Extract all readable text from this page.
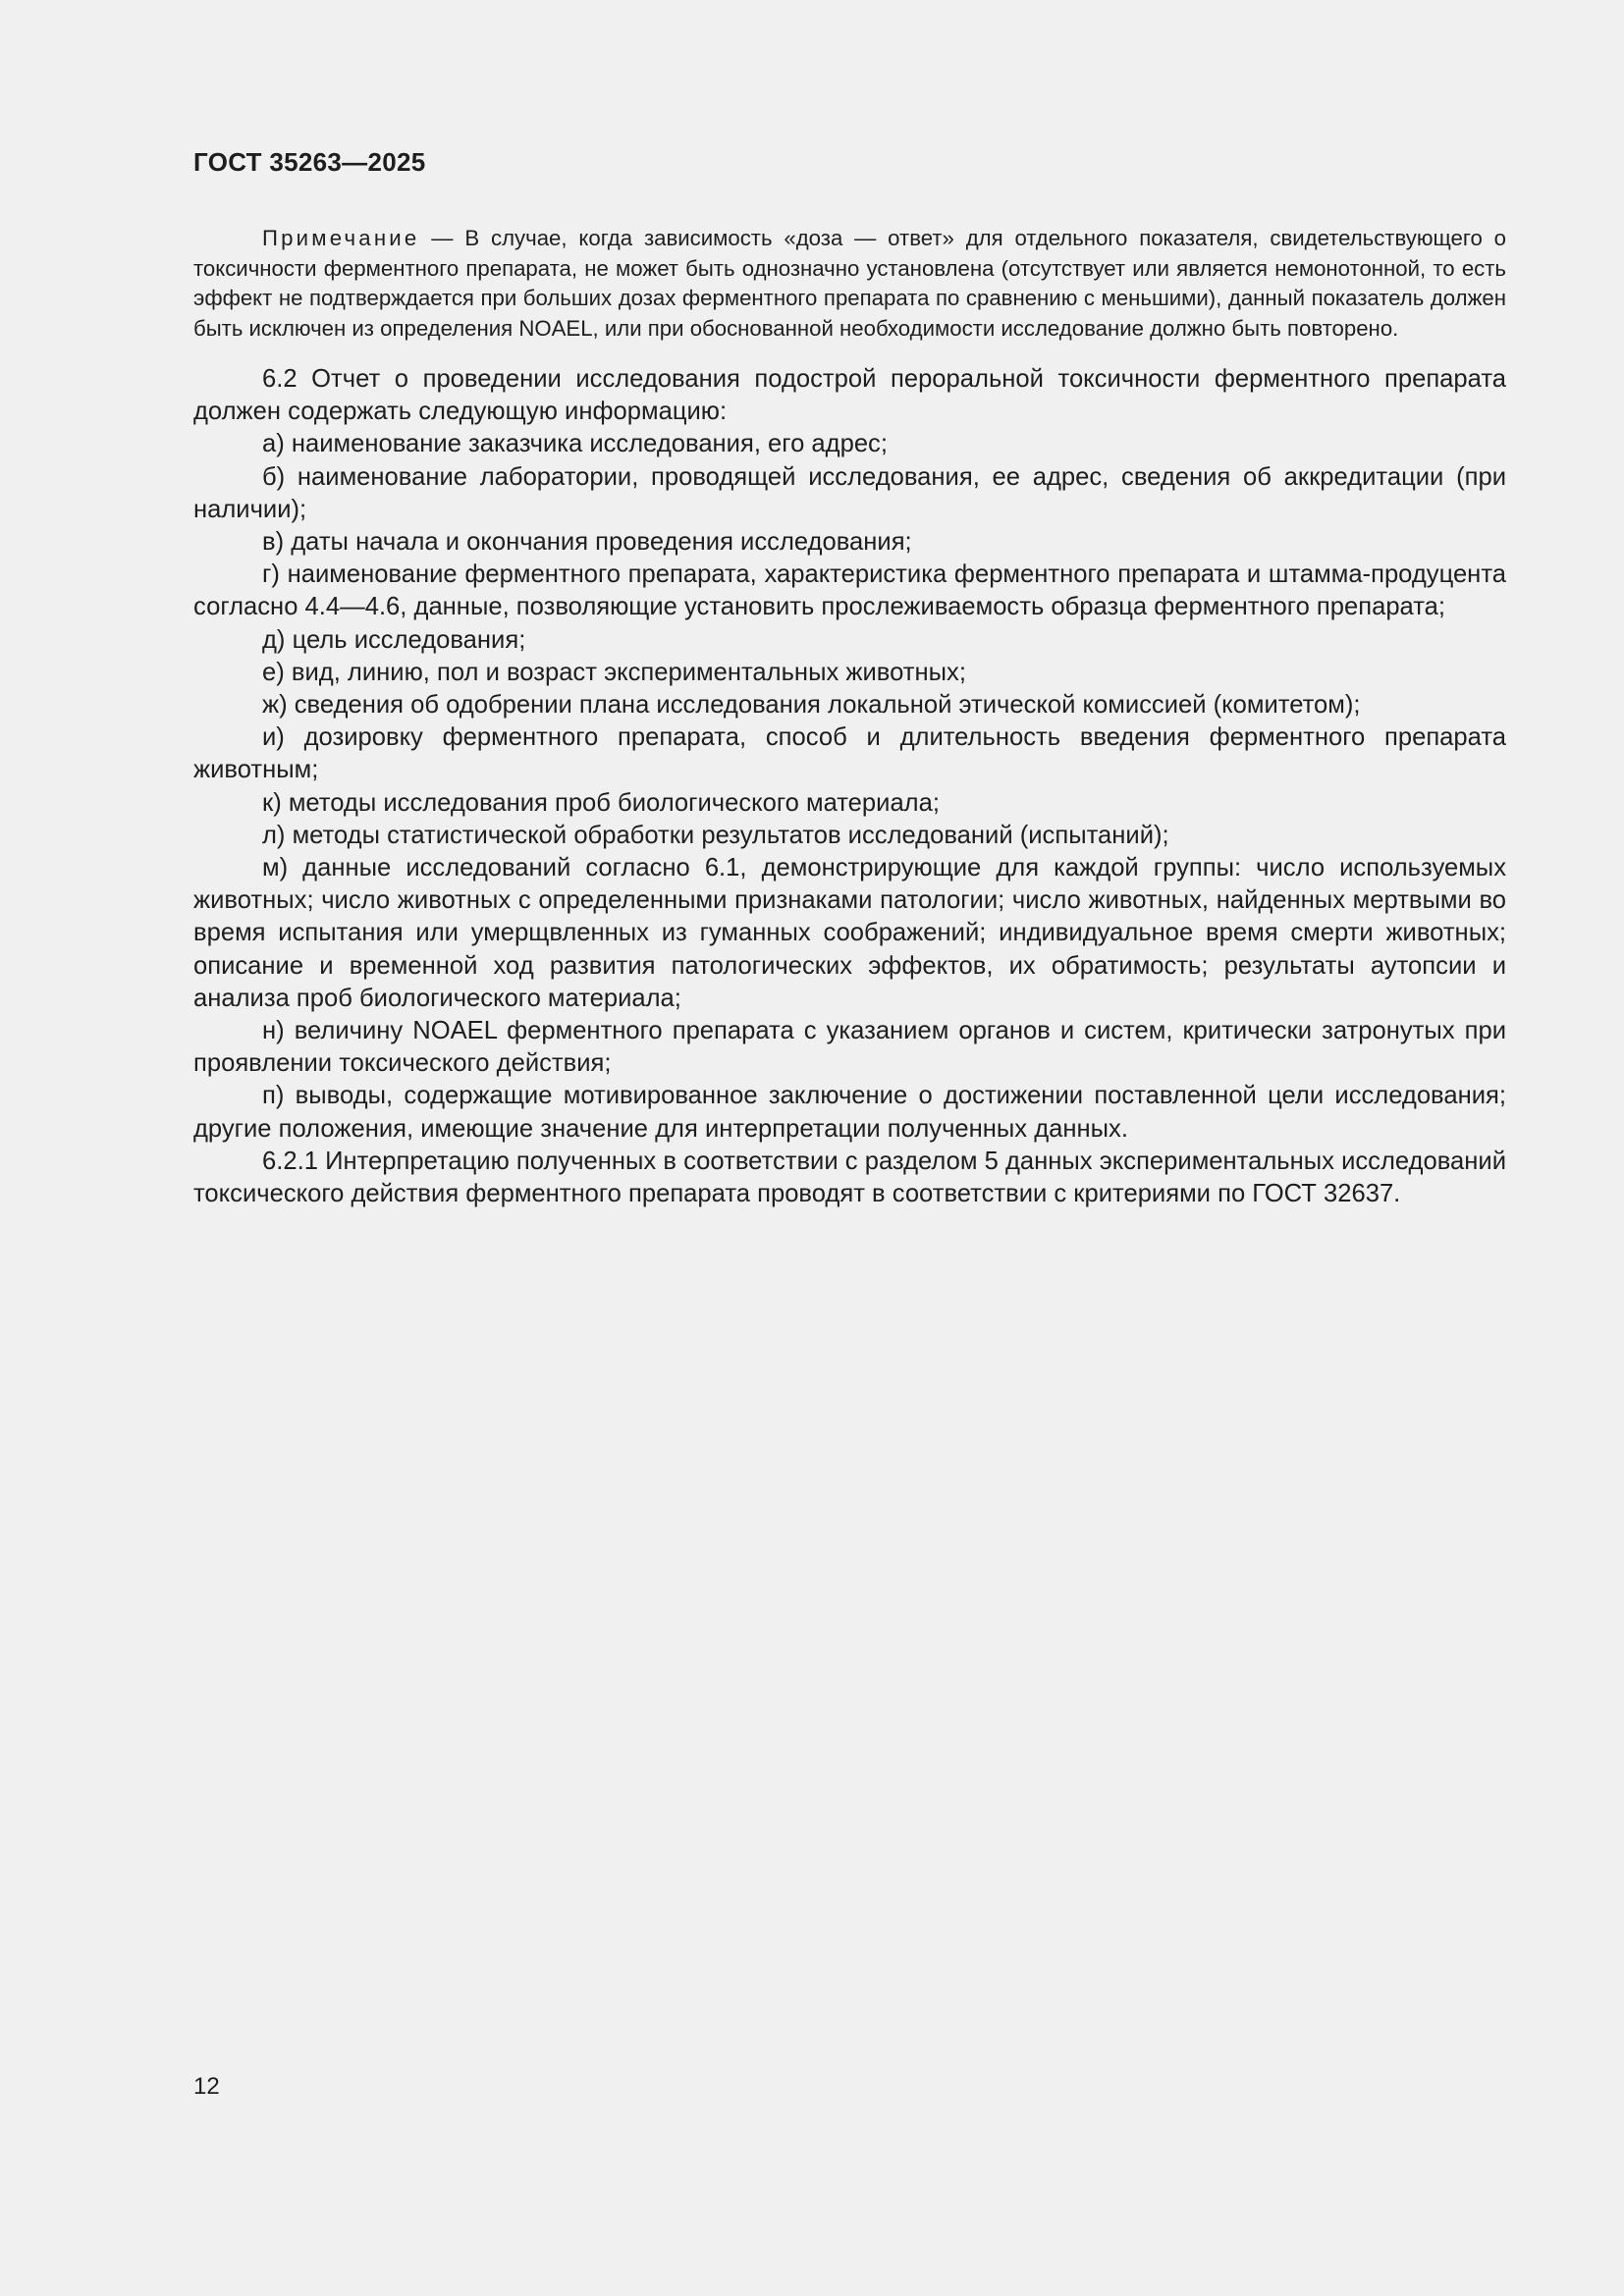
ГОСТ 35263—2025

Примечание — В случае, когда зависимость «доза — ответ» для отдельного показателя, свидетельствующего о токсичности ферментного препарата, не может быть однозначно установлена (отсутствует или является немонотонной, то есть эффект не подтверждается при больших дозах ферментного препарата по сравнению с меньшими), данный показатель должен быть исключен из определения NOAEL, или при обоснованной необходимости исследование должно быть повторено.

6.2 Отчет о проведении исследования подострой пероральной токсичности ферментного препарата должен содержать следующую информацию:

а) наименование заказчика исследования, его адрес;

б) наименование лаборатории, проводящей исследования, ее адрес, сведения об аккредитации (при наличии);

в) даты начала и окончания проведения исследования;

г) наименование ферментного препарата, характеристика ферментного препарата и штамма-продуцента согласно 4.4—4.6, данные, позволяющие установить прослеживаемость образца ферментного препарата;

д) цель исследования;

е) вид, линию, пол и возраст экспериментальных животных;

ж) сведения об одобрении плана исследования локальной этической комиссией (комитетом);

и) дозировку ферментного препарата, способ и длительность введения ферментного препарата животным;

к) методы исследования проб биологического материала;

л) методы статистической обработки результатов исследований (испытаний);

м) данные исследований согласно 6.1, демонстрирующие для каждой группы: число используемых животных; число животных с определенными признаками патологии; число животных, найденных мертвыми во время испытания или умерщвленных из гуманных соображений; индивидуальное время смерти животных; описание и временной ход развития патологических эффектов, их обратимость; результаты аутопсии и анализа проб биологического материала;

н) величину NOAEL ферментного препарата с указанием органов и систем, критически затронутых при проявлении токсического действия;

п) выводы, содержащие мотивированное заключение о достижении поставленной цели исследования; другие положения, имеющие значение для интерпретации полученных данных.

6.2.1 Интерпретацию полученных в соответствии с разделом 5 данных экспериментальных исследований токсического действия ферментного препарата проводят в соответствии с критериями по ГОСТ 32637.

12
